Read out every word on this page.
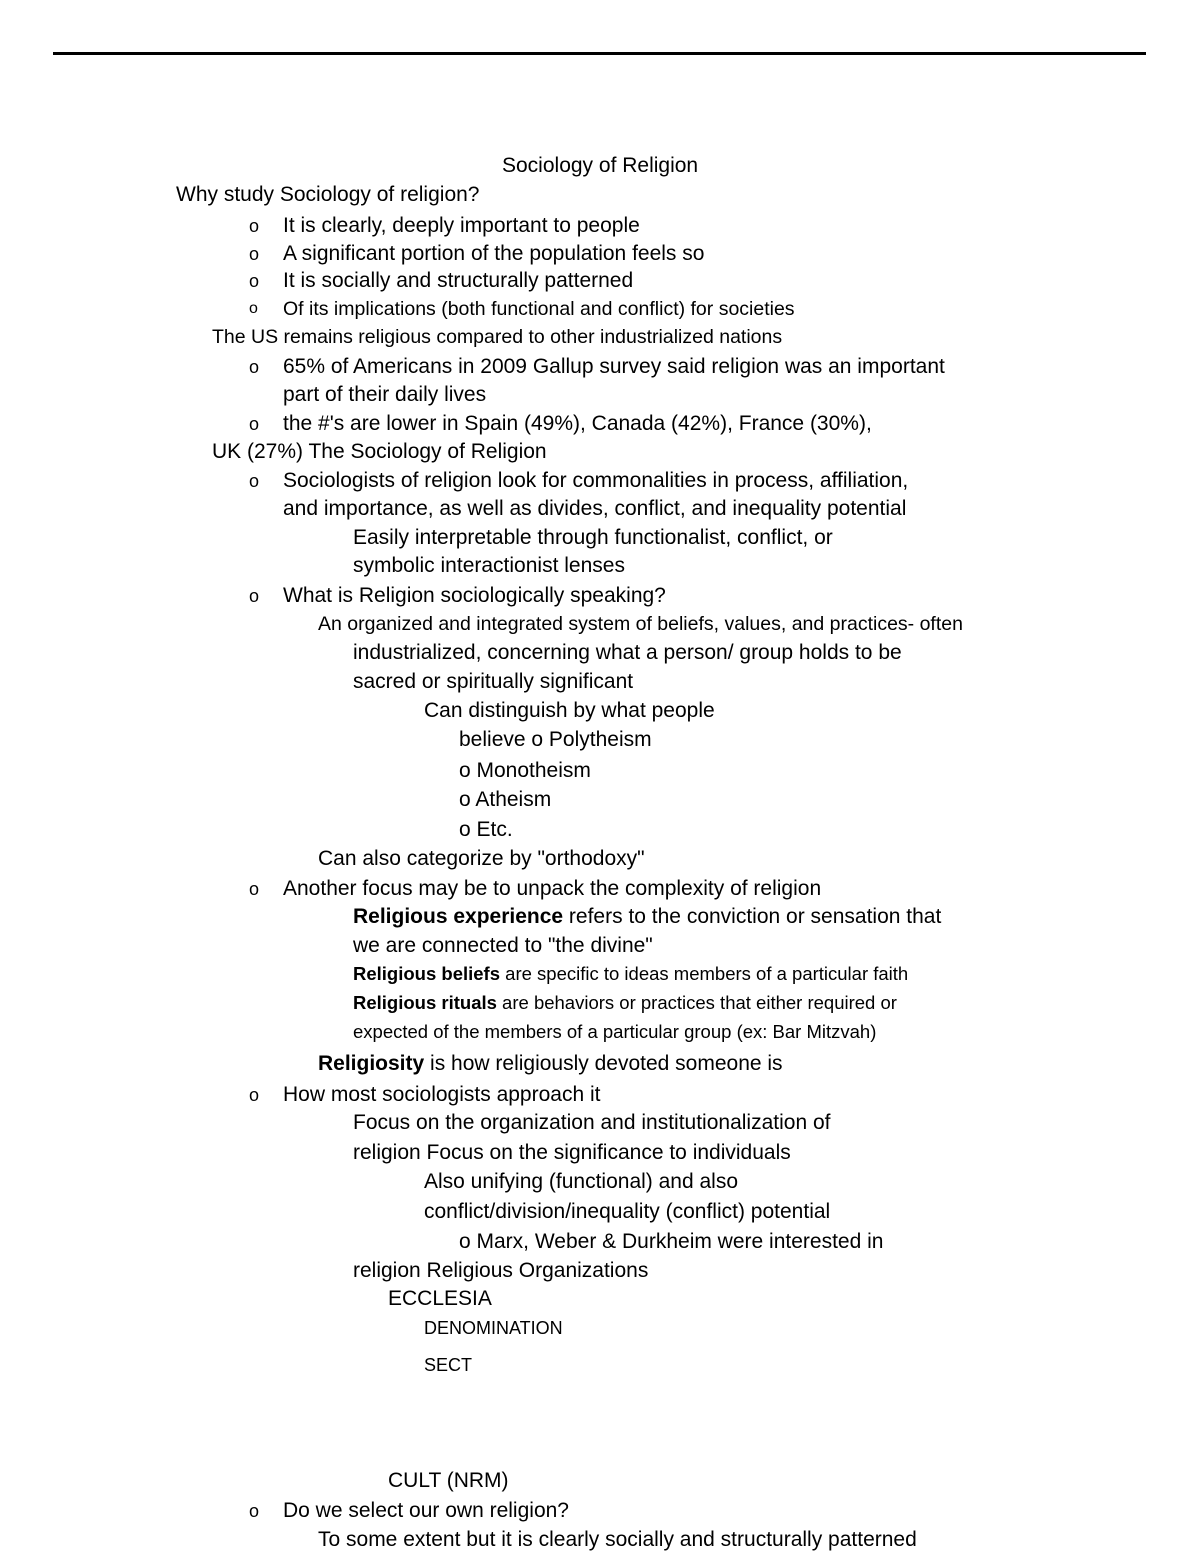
Sociology of Religion
Why study Sociology of religion?
o It is clearly, deeply important to people
o A significant portion of the population feels so
o It is socially and structurally patterned
o Of its implications (both functional and conflict) for societies
The US remains religious compared to other industrialized nations
o 65% of Americans in 2009 Gallup survey said religion was an important
part of their daily lives
o the #'s are lower in Spain (49%), Canada (42%), France (30%),
UK (27%) The Sociology of Religion
o Sociologists of religion look for commonalities in process, affiliation,
and importance, as well as divides, conflict, and inequality potential
Easily interpretable through functionalist, conflict, or
symbolic interactionist lenses
o What is Religion sociologically speaking?
An organized and integrated system of beliefs, values, and practices- often
industrialized, concerning what a person/ group holds to be
sacred or spiritually significant
Can distinguish by what people
believe o Polytheism
o Monotheism
o Atheism
o Etc.
Can also categorize by "orthodoxy"
o Another focus may be to unpack the complexity of religion
Religious experience refers to the conviction or sensation that
we are connected to "the divine"
Religious beliefs are specific to ideas members of a particular faith
Religious rituals are behaviors or practices that either required or
expected of the members of a particular group (ex: Bar Mitzvah)
Religiosity is how religiously devoted someone is
o How most sociologists approach it
Focus on the organization and institutionalization of
religion Focus on the significance to individuals
Also unifying (functional) and also
conflict/division/inequality (conflict) potential
o Marx, Weber & Durkheim were interested in
religion Religious Organizations
ECCLESIA
DENOMINATION
SECT
CULT (NRM)
o Do we select our own religion?
To some extent but it is clearly socially and structurally patterned
